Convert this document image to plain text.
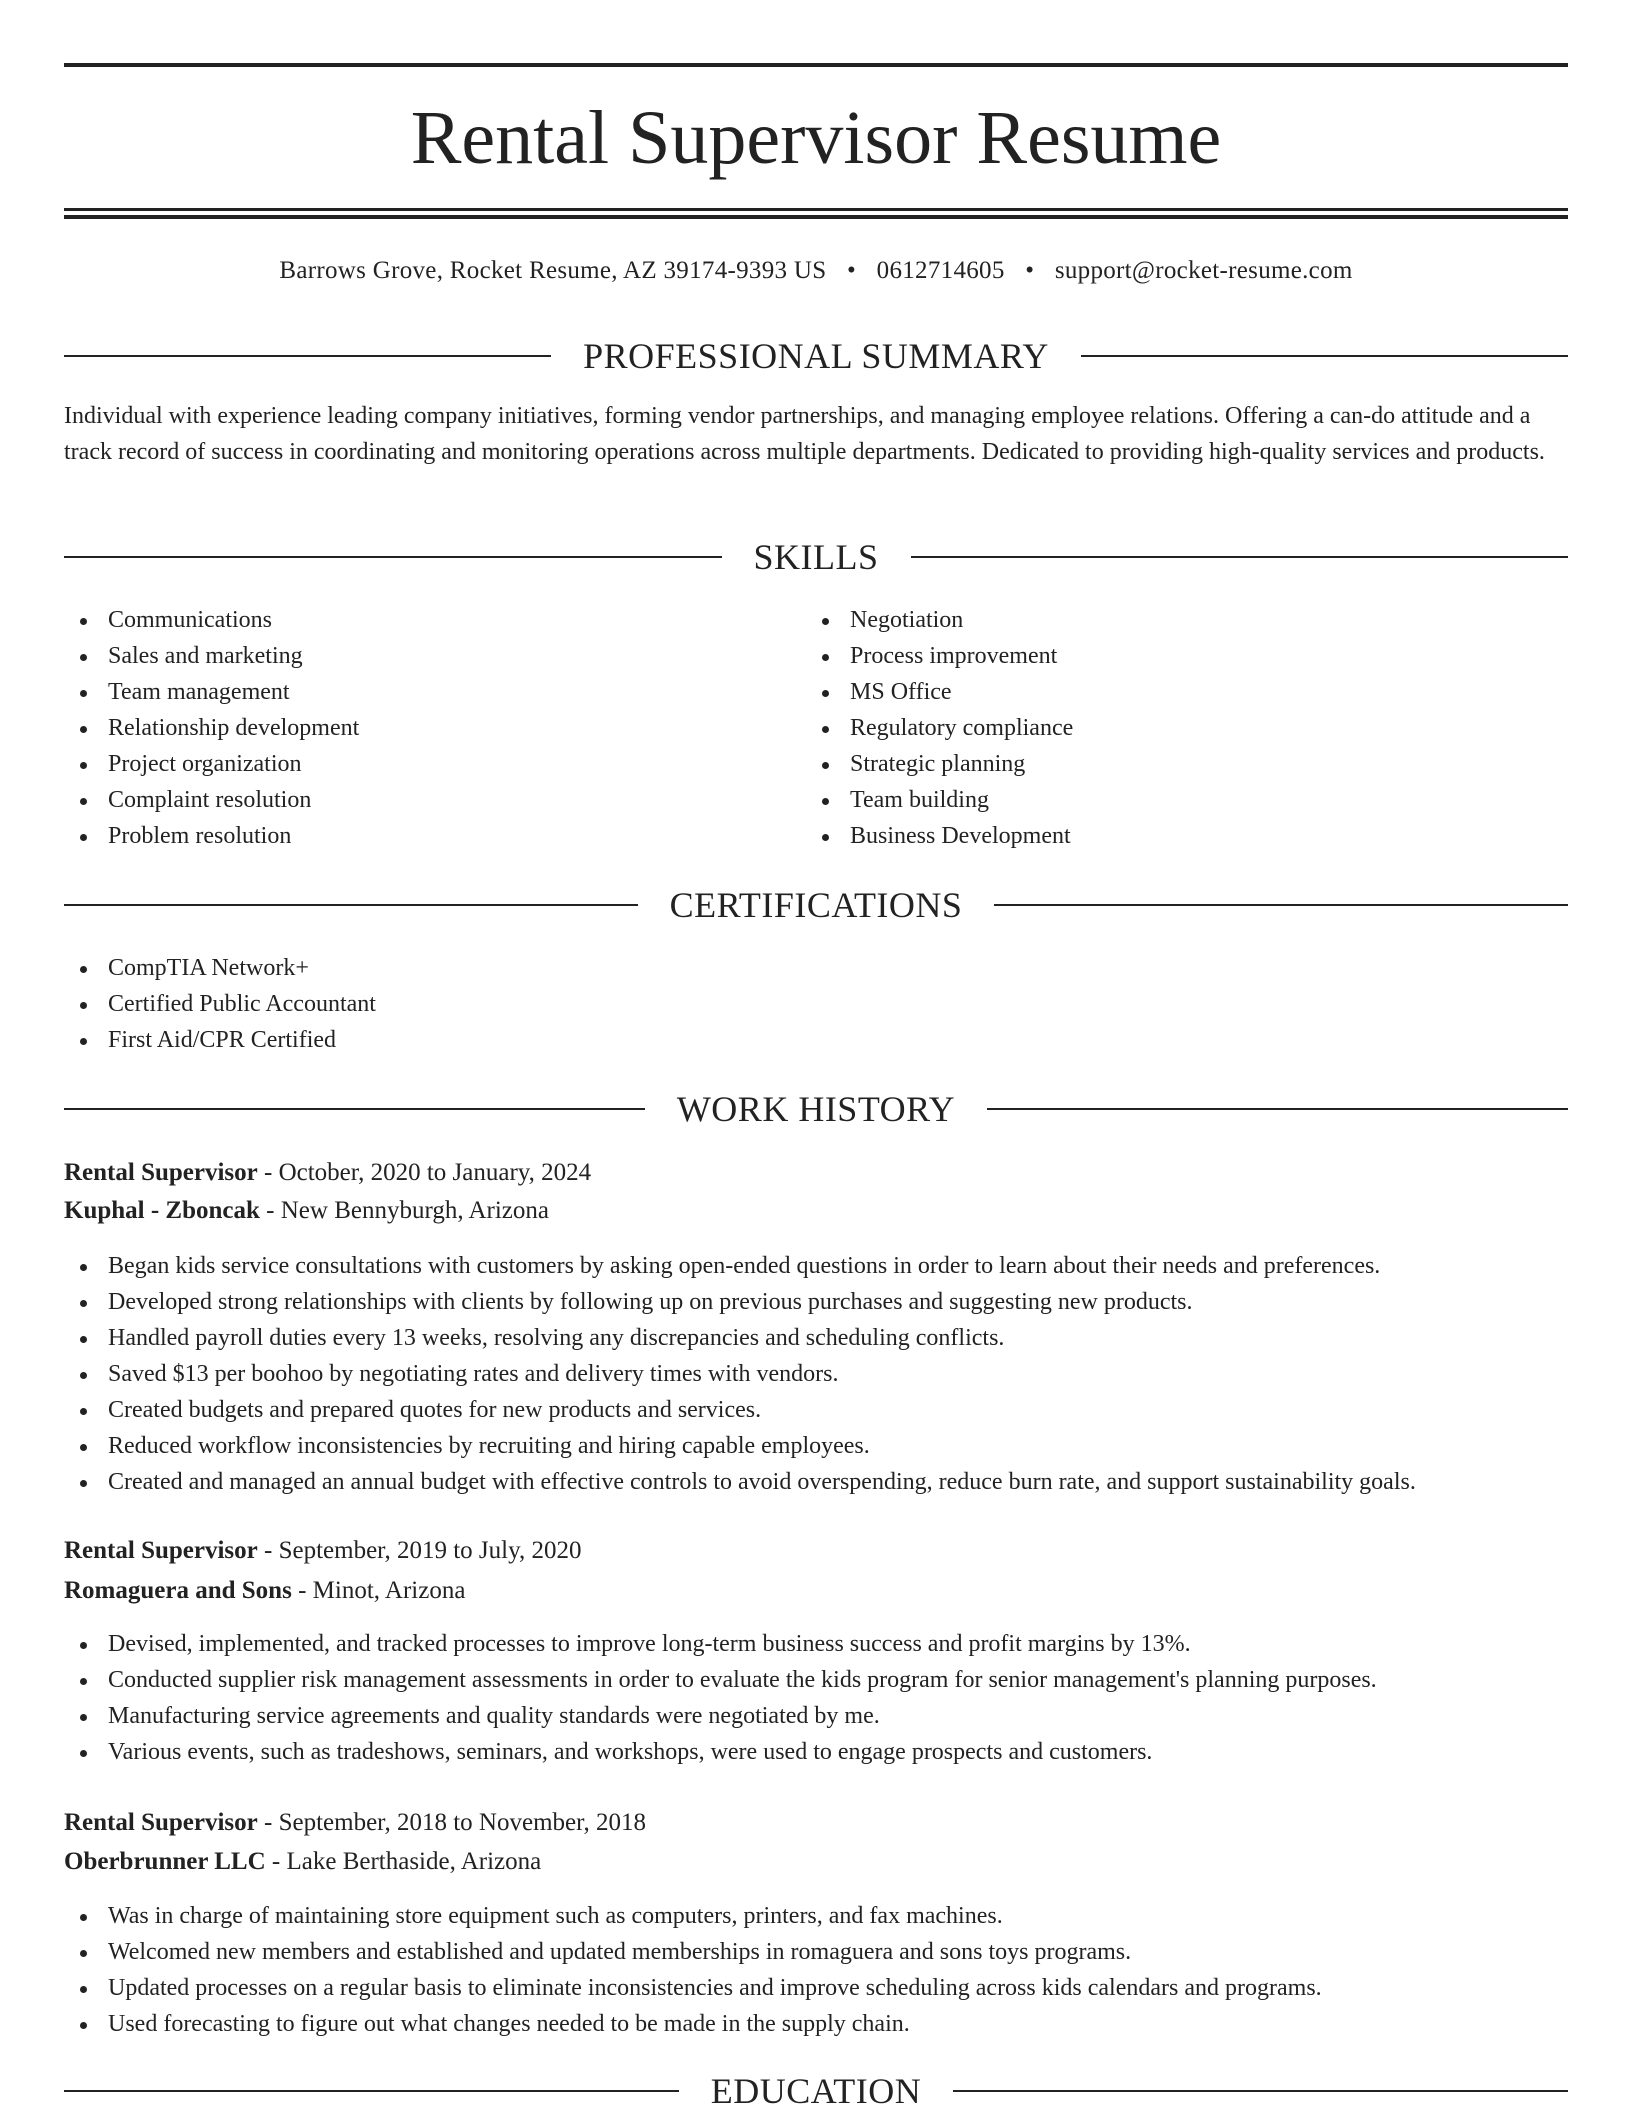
Rental Supervisor Resume
Barrows Grove, Rocket Resume, AZ 39174-9393 US • 0612714605 • support@rocket-resume.com
PROFESSIONAL SUMMARY

Individual with experience leading company initiatives, forming vendor partnerships, and managing employee relations. Offering a can-do attitude and a track record of success in coordinating and monitoring operations across multiple departments. Dedicated to providing high-quality services and products.

SKILLS
Communications
Sales and marketing
Team management
Relationship development
Project organization
Complaint resolution
Problem resolution
Negotiation
Process improvement
MS Office
Regulatory compliance
Strategic planning
Team building
Business Development
CERTIFICATIONS
CompTIA Network+
Certified Public Accountant
First Aid/CPR Certified
WORK HISTORY
Rental Supervisor - October, 2020 to January, 2024
Kuphal - Zboncak - New Bennyburgh, Arizona
Began kids service consultations with customers by asking open-ended questions in order to learn about their needs and preferences.
Developed strong relationships with clients by following up on previous purchases and suggesting new products.
Handled payroll duties every 13 weeks, resolving any discrepancies and scheduling conflicts.
Saved $13 per boohoo by negotiating rates and delivery times with vendors.
Created budgets and prepared quotes for new products and services.
Reduced workflow inconsistencies by recruiting and hiring capable employees.
Created and managed an annual budget with effective controls to avoid overspending, reduce burn rate, and support sustainability goals.
Rental Supervisor - September, 2019 to July, 2020
Romaguera and Sons - Minot, Arizona
Devised, implemented, and tracked processes to improve long-term business success and profit margins by 13%.
Conducted supplier risk management assessments in order to evaluate the kids program for senior management's planning purposes.
Manufacturing service agreements and quality standards were negotiated by me.
Various events, such as tradeshows, seminars, and workshops, were used to engage prospects and customers.
Rental Supervisor - September, 2018 to November, 2018
Oberbrunner LLC - Lake Berthaside, Arizona
Was in charge of maintaining store equipment such as computers, printers, and fax machines.
Welcomed new members and established and updated memberships in romaguera and sons toys programs.
Updated processes on a regular basis to eliminate inconsistencies and improve scheduling across kids calendars and programs.
Used forecasting to figure out what changes needed to be made in the supply chain.
EDUCATION
